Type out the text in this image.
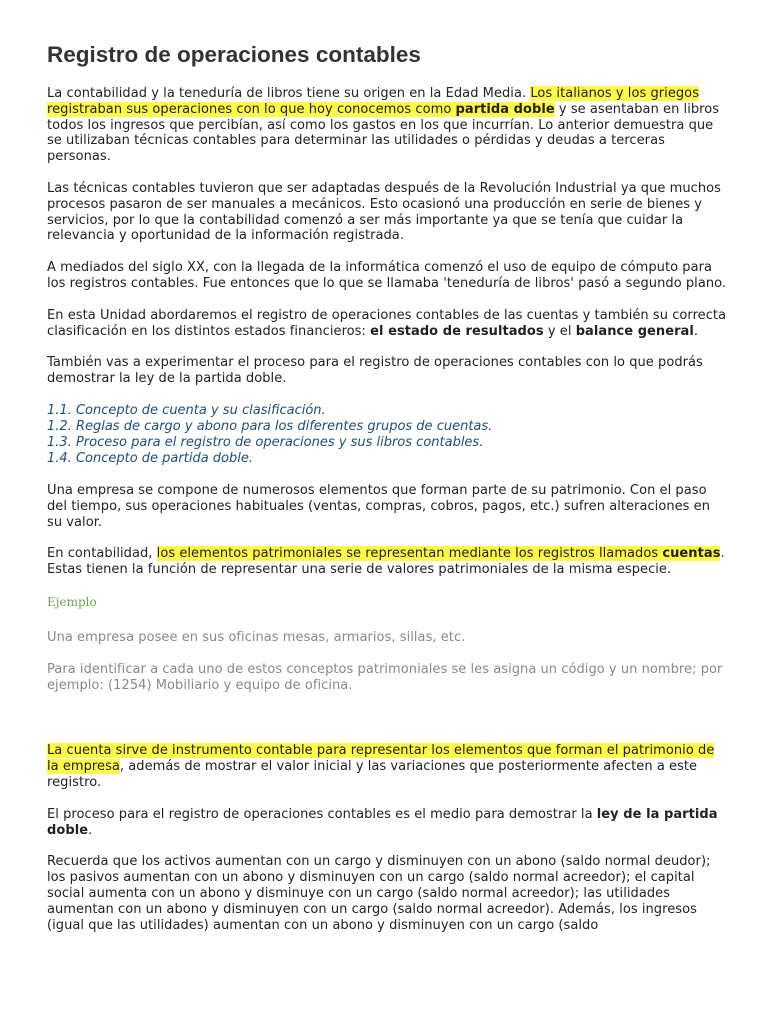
Registro de operaciones contables

La contabilidad y la teneduría de libros tiene su origen en la Edad Media. Los italianos y los griegos registraban sus operaciones con lo que hoy conocemos como partida doble y se asentaban en libros todos los ingresos que percibían, así como los gastos en los que incurrían. Lo anterior demuestra que se utilizaban técnicas contables para determinar las utilidades o pérdidas y deudas a terceras personas.

Las técnicas contables tuvieron que ser adaptadas después de la Revolución Industrial ya que muchos procesos pasaron de ser manuales a mecánicos. Esto ocasionó una producción en serie de bienes y servicios, por lo que la contabilidad comenzó a ser más importante ya que se tenía que cuidar la relevancia y oportunidad de la información registrada.

A mediados del siglo XX, con la llegada de la informática comenzó el uso de equipo de cómputo para los registros contables. Fue entonces que lo que se llamaba 'teneduría de libros' pasó a segundo plano.

En esta Unidad abordaremos el registro de operaciones contables de las cuentas y también su correcta clasificación en los distintos estados financieros: el estado de resultados y el balance general.

También vas a experimentar el proceso para el registro de operaciones contables con lo que podrás demostrar la ley de la partida doble.

1.1. Concepto de cuenta y su clasificación.
1.2. Reglas de cargo y abono para los diferentes grupos de cuentas.
1.3. Proceso para el registro de operaciones y sus libros contables.
1.4. Concepto de partida doble.

Una empresa se compone de numerosos elementos que forman parte de su patrimonio. Con el paso del tiempo, sus operaciones habituales (ventas, compras, cobros, pagos, etc.) sufren alteraciones en su valor.

En contabilidad, los elementos patrimoniales se representan mediante los registros llamados cuentas. Estas tienen la función de representar una serie de valores patrimoniales de la misma especie.

Ejemplo

Una empresa posee en sus oficinas mesas, armarios, sillas, etc.

Para identificar a cada uno de estos conceptos patrimoniales se les asigna un código y un nombre; por ejemplo: (1254) Mobiliario y equipo de oficina.

La cuenta sirve de instrumento contable para representar los elementos que forman el patrimonio de la empresa, además de mostrar el valor inicial y las variaciones que posteriormente afecten a este registro.

El proceso para el registro de operaciones contables es el medio para demostrar la ley de la partida doble.

Recuerda que los activos aumentan con un cargo y disminuyen con un abono (saldo normal deudor); los pasivos aumentan con un abono y disminuyen con un cargo (saldo normal acreedor); el capital social aumenta con un abono y disminuye con un cargo (saldo normal acreedor); las utilidades aumentan con un abono y disminuyen con un cargo (saldo normal acreedor). Además, los ingresos (igual que las utilidades) aumentan con un abono y disminuyen con un cargo (saldo
